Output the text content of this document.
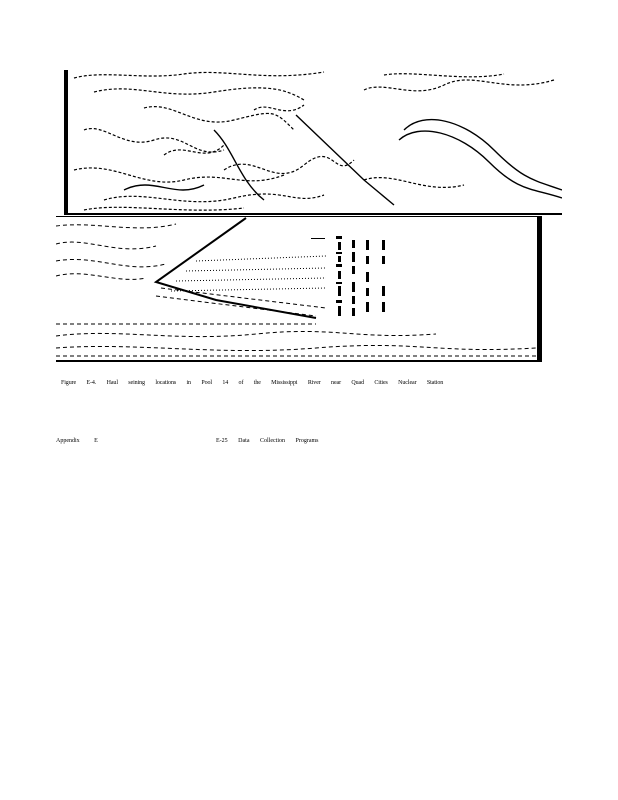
Figure E-4. Haul seining locations in Pool 14 of the Mississippi River near Quad Cities Nuclear Station
Appendix E	E-25 Data Collection Programs
